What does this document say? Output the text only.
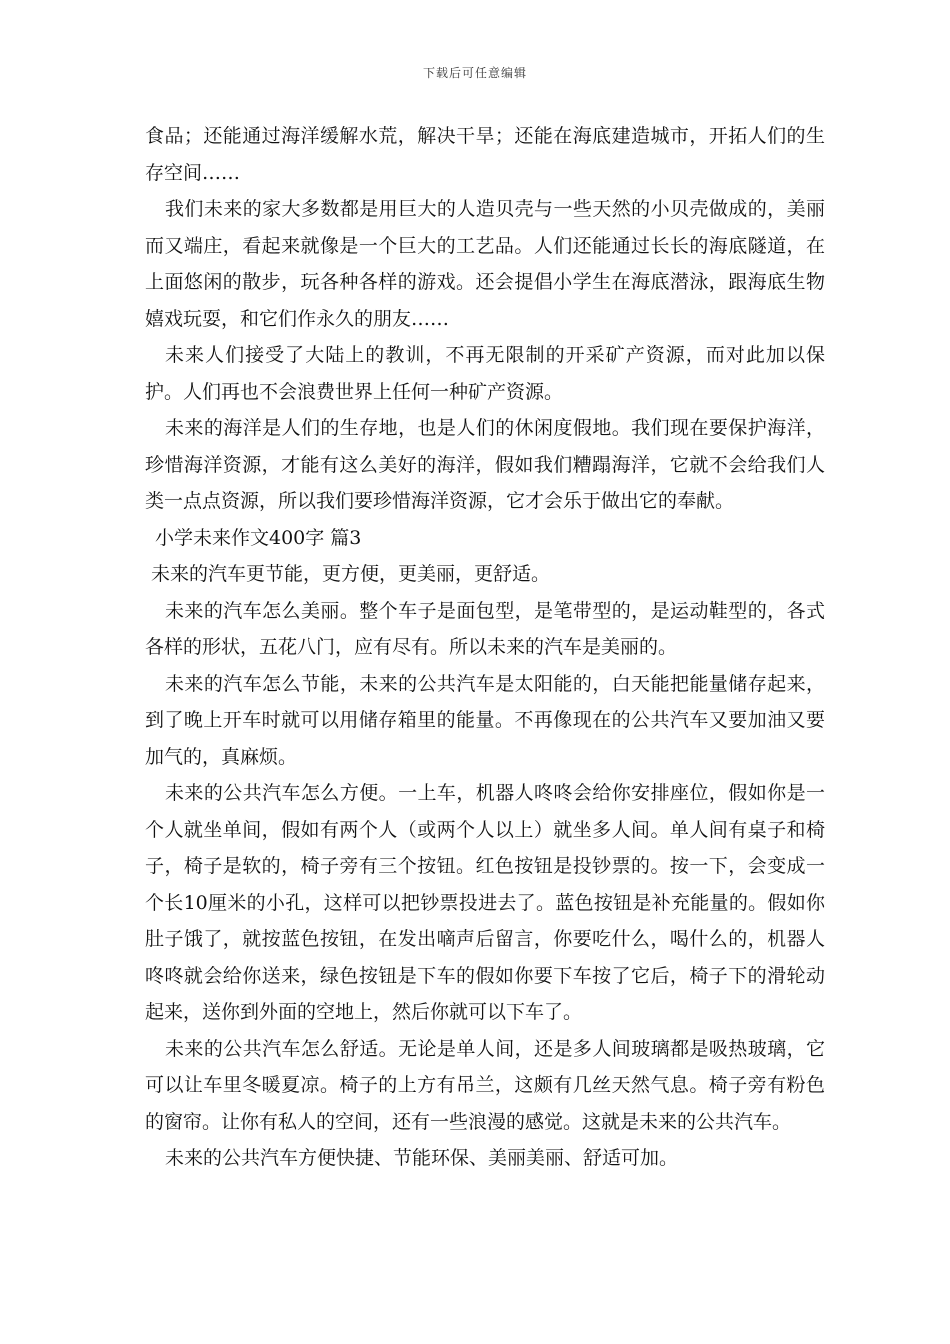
下载后可任意编辑

食品；还能通过海洋缓解水荒，解决干旱；还能在海底建造城市，开拓人们的生存空间……

我们未来的家大多数都是用巨大的人造贝壳与一些天然的小贝壳做成的，美丽而又端庄，看起来就像是一个巨大的工艺品。人们还能通过长长的海底隧道，在上面悠闲的散步，玩各种各样的游戏。还会提倡小学生在海底潜泳，跟海底生物嬉戏玩耍，和它们作永久的朋友……

未来人们接受了大陆上的教训，不再无限制的开采矿产资源，而对此加以保护。人们再也不会浪费世界上任何一种矿产资源。

未来的海洋是人们的生存地，也是人们的休闲度假地。我们现在要保护海洋，珍惜海洋资源，才能有这么美好的海洋，假如我们糟蹋海洋，它就不会给我们人类一点点资源，所以我们要珍惜海洋资源，它才会乐于做出它的奉献。

小学未来作文400字 篇3

未来的汽车更节能，更方便，更美丽，更舒适。

未来的汽车怎么美丽。整个车子是面包型，是笔带型的，是运动鞋型的，各式各样的形状，五花八门，应有尽有。所以未来的汽车是美丽的。

未来的汽车怎么节能，未来的公共汽车是太阳能的，白天能把能量储存起来，到了晚上开车时就可以用储存箱里的能量。不再像现在的公共汽车又要加油又要加气的，真麻烦。

未来的公共汽车怎么方便。一上车，机器人咚咚会给你安排座位，假如你是一个人就坐单间，假如有两个人（或两个人以上）就坐多人间。单人间有桌子和椅子，椅子是软的，椅子旁有三个按钮。红色按钮是投钞票的。按一下，会变成一个长10厘米的小孔，这样可以把钞票投进去了。蓝色按钮是补充能量的。假如你肚子饿了，就按蓝色按钮，在发出嘀声后留言，你要吃什么，喝什么的，机器人咚咚就会给你送来，绿色按钮是下车的假如你要下车按了它后，椅子下的滑轮动起来，送你到外面的空地上，然后你就可以下车了。

未来的公共汽车怎么舒适。无论是单人间，还是多人间玻璃都是吸热玻璃，它可以让车里冬暖夏凉。椅子的上方有吊兰，这颇有几丝天然气息。椅子旁有粉色的窗帘。让你有私人的空间，还有一些浪漫的感觉。这就是未来的公共汽车。

未来的公共汽车方便快捷、节能环保、美丽美丽、舒适可加。
